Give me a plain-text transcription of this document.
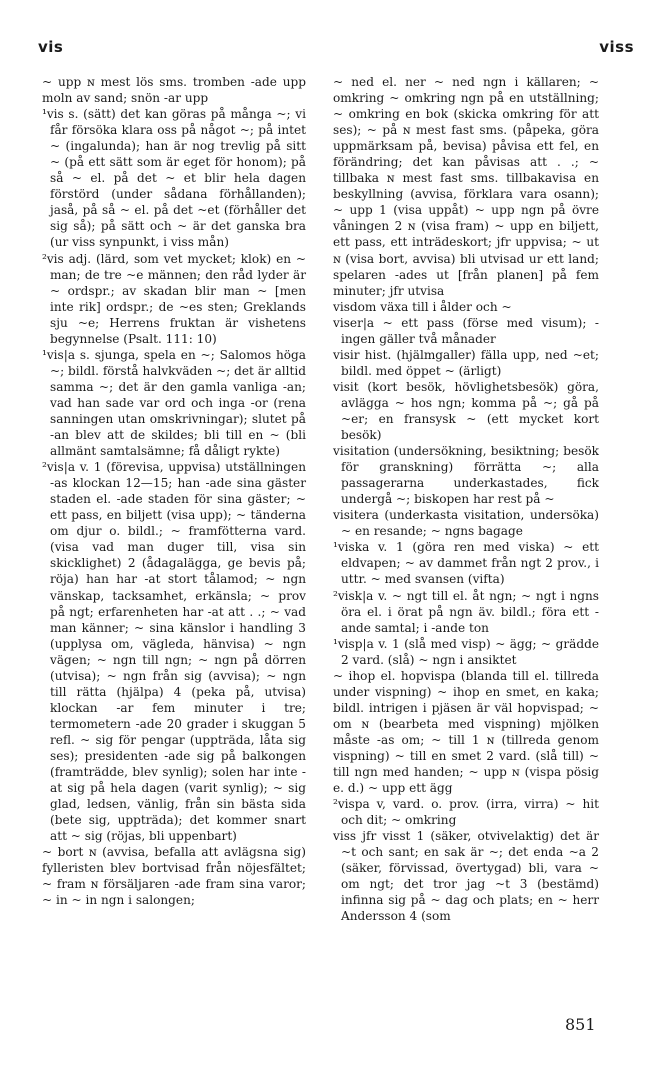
vis	viss

~ upp ɴ mest lös sms. tromben -ade upp moln av sand; snön -ar upp

¹vis s. (sätt) det kan göras på många ~; vi får försöka klara oss på något ~; på intet ~ (ingalunda); han är nog trevlig på sitt ~ (på ett sätt som är eget för honom); på så ~ el. på det ~ et blir hela dagen förstörd (under sådana förhållanden); jaså, på så ~ el. på det ~et (förhåller det sig så); på sätt och ~ är det ganska bra (ur viss synpunkt, i viss mån)

²vis adj. (lärd, som vet mycket; klok) en ~ man; de tre ~e männen; den råd lyder är ~ ordspr.; av skadan blir man ~ [men inte rik] ordspr.; de ~es sten; Greklands sju ~e; Herrens fruktan är vishetens begynnelse (Psalt. 111: 10)

¹vis|a s. sjunga, spela en ~; Salomos höga ~; bildl. förstå halvkväden ~; det är alltid samma ~; det är den gamla vanliga -an; vad han sade var ord och inga -or (rena sanningen utan omskrivningar); slutet på -an blev att de skildes; bli till en ~ (bli allmänt samtalsämne; få dåligt rykte)

²vis|a v. 1 (förevisa, uppvisa) utställningen -as klockan 12—15; han -ade sina gäster staden el. -ade staden för sina gäster; ~ ett pass, en biljett (visa upp); ~ tänderna om djur o. bildl.; ~ framfötterna vard. (visa vad man duger till, visa sin skicklighet) 2 (ådagalägga, ge bevis på; röja) han har -at stort tålamod; ~ ngn vänskap, tacksamhet, erkänsla; ~ prov på ngt; erfarenheten har -at att . .; ~ vad man känner; ~ sina känslor i handling 3 (upplysa om, vägleda, hänvisa) ~ ngn vägen; ~ ngn till ngn; ~ ngn på dörren (utvisa); ~ ngn från sig (avvisa); ~ ngn till rätta (hjälpa) 4 (peka på, utvisa) klockan -ar fem minuter i tre; termometern -ade 20 grader i skuggan 5 refl. ~ sig för pengar (uppträda, låta sig ses); presidenten -ade sig på balkongen (framträdde, blev synlig); solen har inte -at sig på hela dagen (varit synlig); ~ sig glad, ledsen, vänlig, från sin bästa sida (bete sig, uppträda); det kommer snart att ~ sig (röjas, bli uppenbart)

~ bort ɴ (avvisa, befalla att avlägsna sig) fylleristen blev bortvisad från nöjesfältet; ~ fram ɴ försäljaren -ade fram sina varor; ~ in ~ in ngn i salongen;

~ ned el. ner ~ ned ngn i källaren; ~ omkring ~ omkring ngn på en utställning; ~ omkring en bok (skicka omkring för att ses); ~ på ɴ mest fast sms. (påpeka, göra uppmärksam på, bevisa) påvisa ett fel, en förändring; det kan påvisas att . .; ~ tillbaka ɴ mest fast sms. tillbakavisa en beskyllning (avvisa, förklara vara osann); ~ upp 1 (visa uppåt) ~ upp ngn på övre våningen 2 ɴ (visa fram) ~ upp en biljett, ett pass, ett inträdeskort; jfr uppvisa; ~ ut ɴ (visa bort, avvisa) bli utvisad ur ett land; spelaren -ades ut [från planen] på fem minuter; jfr utvisa

visdom växa till i ålder och ~

viser|a ~ ett pass (förse med visum); -ingen gäller två månader

visir hist. (hjälmgaller) fälla upp, ned ~et; bildl. med öppet ~ (ärligt)

visit (kort besök, hövlighetsbesök) göra, avlägga ~ hos ngn; komma på ~; gå på ~er; en fransysk ~ (ett mycket kort besök)

visitation (undersökning, besiktning; besök för granskning) förrätta ~; alla passagerarna underkastades, fick undergå ~; biskopen har rest på ~

visitera (underkasta visitation, undersöka) ~ en resande; ~ ngns bagage

¹viska v. 1 (göra ren med viska) ~ ett eldvapen; ~ av dammet från ngt 2 prov., i uttr. ~ med svansen (vifta)

²visk|a v. ~ ngt till el. åt ngn; ~ ngt i ngns öra el. i örat på ngn äv. bildl.; föra ett -ande samtal; i -ande ton

¹visp|a v. 1 (slå med visp) ~ ägg; ~ grädde 2 vard. (slå) ~ ngn i ansiktet

~ ihop el. hopvispa (blanda till el. tillreda under vispning) ~ ihop en smet, en kaka; bildl. intrigen i pjäsen är väl hopvispad; ~ om ɴ (bearbeta med vispning) mjölken måste -as om; ~ till 1 ɴ (tillreda genom vispning) ~ till en smet 2 vard. (slå till) ~ till ngn med handen; ~ upp ɴ (vispa pösig e. d.) ~ upp ett ägg

²vispa v, vard. o. prov. (irra, virra) ~ hit och dit; ~ omkring

viss jfr visst 1 (säker, otvivelaktig) det är ~t och sant; en sak är ~; det enda ~a 2 (säker, förvissad, övertygad) bli, vara ~ om ngt; det tror jag ~t 3 (bestämd) infinna sig på ~ dag och plats; en ~ herr Andersson 4 (som

851
